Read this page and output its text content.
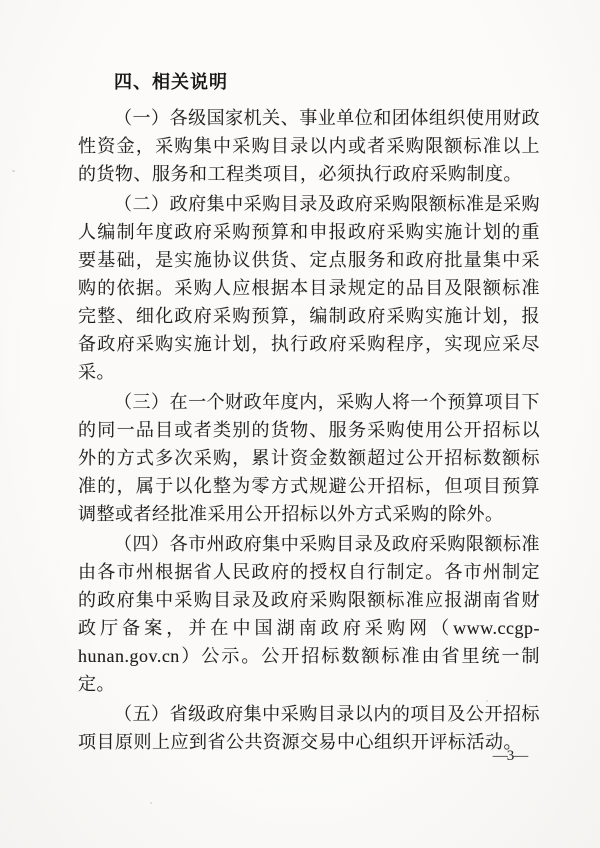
四、相关说明

（一）各级国家机关、事业单位和团体组织使用财政性资金，采购集中采购目录以内或者采购限额标准以上的货物、服务和工程类项目，必须执行政府采购制度。

（二）政府集中采购目录及政府采购限额标准是采购人编制年度政府采购预算和申报政府采购实施计划的重要基础，是实施协议供货、定点服务和政府批量集中采购的依据。采购人应根据本目录规定的品目及限额标准完整、细化政府采购预算，编制政府采购实施计划，报备政府采购实施计划，执行政府采购程序，实现应采尽采。

（三）在一个财政年度内，采购人将一个预算项目下的同一品目或者类别的货物、服务采购使用公开招标以外的方式多次采购，累计资金数额超过公开招标数额标准的，属于以化整为零方式规避公开招标，但项目预算调整或者经批准采用公开招标以外方式采购的除外。

（四）各市州政府集中采购目录及政府采购限额标准由各市州根据省人民政府的授权自行制定。各市州制定的政府集中采购目录及政府采购限额标准应报湖南省财政厅备案，并在中国湖南政府采购网（www.ccgp-hunan.gov.cn）公示。公开招标数额标准由省里统一制定。

（五）省级政府集中采购目录以内的项目及公开招标项目原则上应到省公共资源交易中心组织开评标活动。

—3—
